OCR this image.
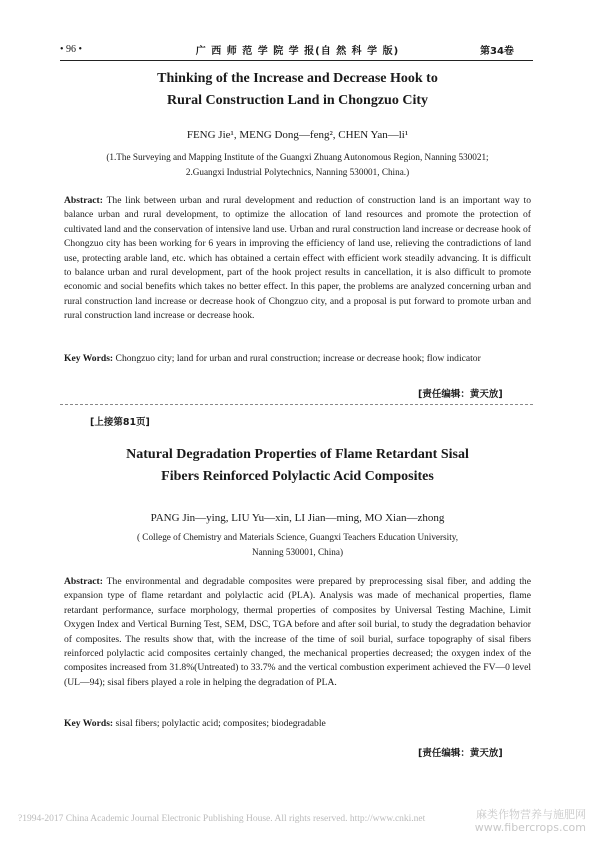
• 96 •	广 西 师 范 学 院 学 报(自 然 科 学 版)	第34卷
Thinking of the Increase and Decrease Hook to
Rural Construction Land in Chongzuo City
FENG Jie¹, MENG Dong—feng², CHEN Yan—li¹
(1.The Surveying and Mapping Institute of the Guangxi Zhuang Autonomous Region, Nanning 530021;
2.Guangxi Industrial Polytechnics, Nanning 530001, China.)
Abstract: The link between urban and rural development and reduction of construction land is an important way to balance urban and rural development, to optimize the allocation of land resources and promote the protection of cultivated land and the conservation of intensive land use. Urban and rural construction land increase or decrease hook of Chongzuo city has been working for 6 years in improving the efficiency of land use, relieving the contradictions of land use, protecting arable land, etc. which has obtained a certain effect with efficient work steadily advancing. It is difficult to balance urban and rural development, part of the hook project results in cancellation, it is also difficult to promote economic and social benefits which takes no better effect. In this paper, the problems are analyzed concerning urban and rural construction land increase or decrease hook of Chongzuo city, and a proposal is put forward to promote urban and rural construction land increase or decrease hook.
Key Words: Chongzuo city; land for urban and rural construction; increase or decrease hook; flow indicator
[责任编辑：黄天放]
[上接第81页]
Natural Degradation Properties of Flame Retardant Sisal
Fibers Reinforced Polylactic Acid Composites
PANG Jin—ying, LIU Yu—xin, LI Jian—ming, MO Xian—zhong
( College of Chemistry and Materials Science, Guangxi Teachers Education University,
Nanning 530001, China)
Abstract: The environmental and degradable composites were prepared by preprocessing sisal fiber, and adding the expansion type of flame retardant and polylactic acid (PLA). Analysis was made of mechanical properties, flame retardant performance, surface morphology, thermal properties of composites by Universal Testing Machine, Limit Oxygen Index and Vertical Burning Test, SEM, DSC, TGA before and after soil burial, to study the degradation behavior of composites. The results show that, with the increase of the time of soil burial, surface topography of sisal fibers reinforced polylactic acid composites certainly changed, the mechanical properties decreased; the oxygen index of the composites increased from 31.8%(Untreated) to 33.7% and the vertical combustion experiment achieved the FV—0 level (UL—94); sisal fibers played a role in helping the degradation of PLA.
Key Words: sisal fibers; polylactic acid; composites; biodegradable
[责任编辑：黄天放]
?1994-2017 China Academic Journal Electronic Publishing House. All rights reserved. http://www.cnki.net	麻类作物营养与施肥网
www.fibercrops.com
